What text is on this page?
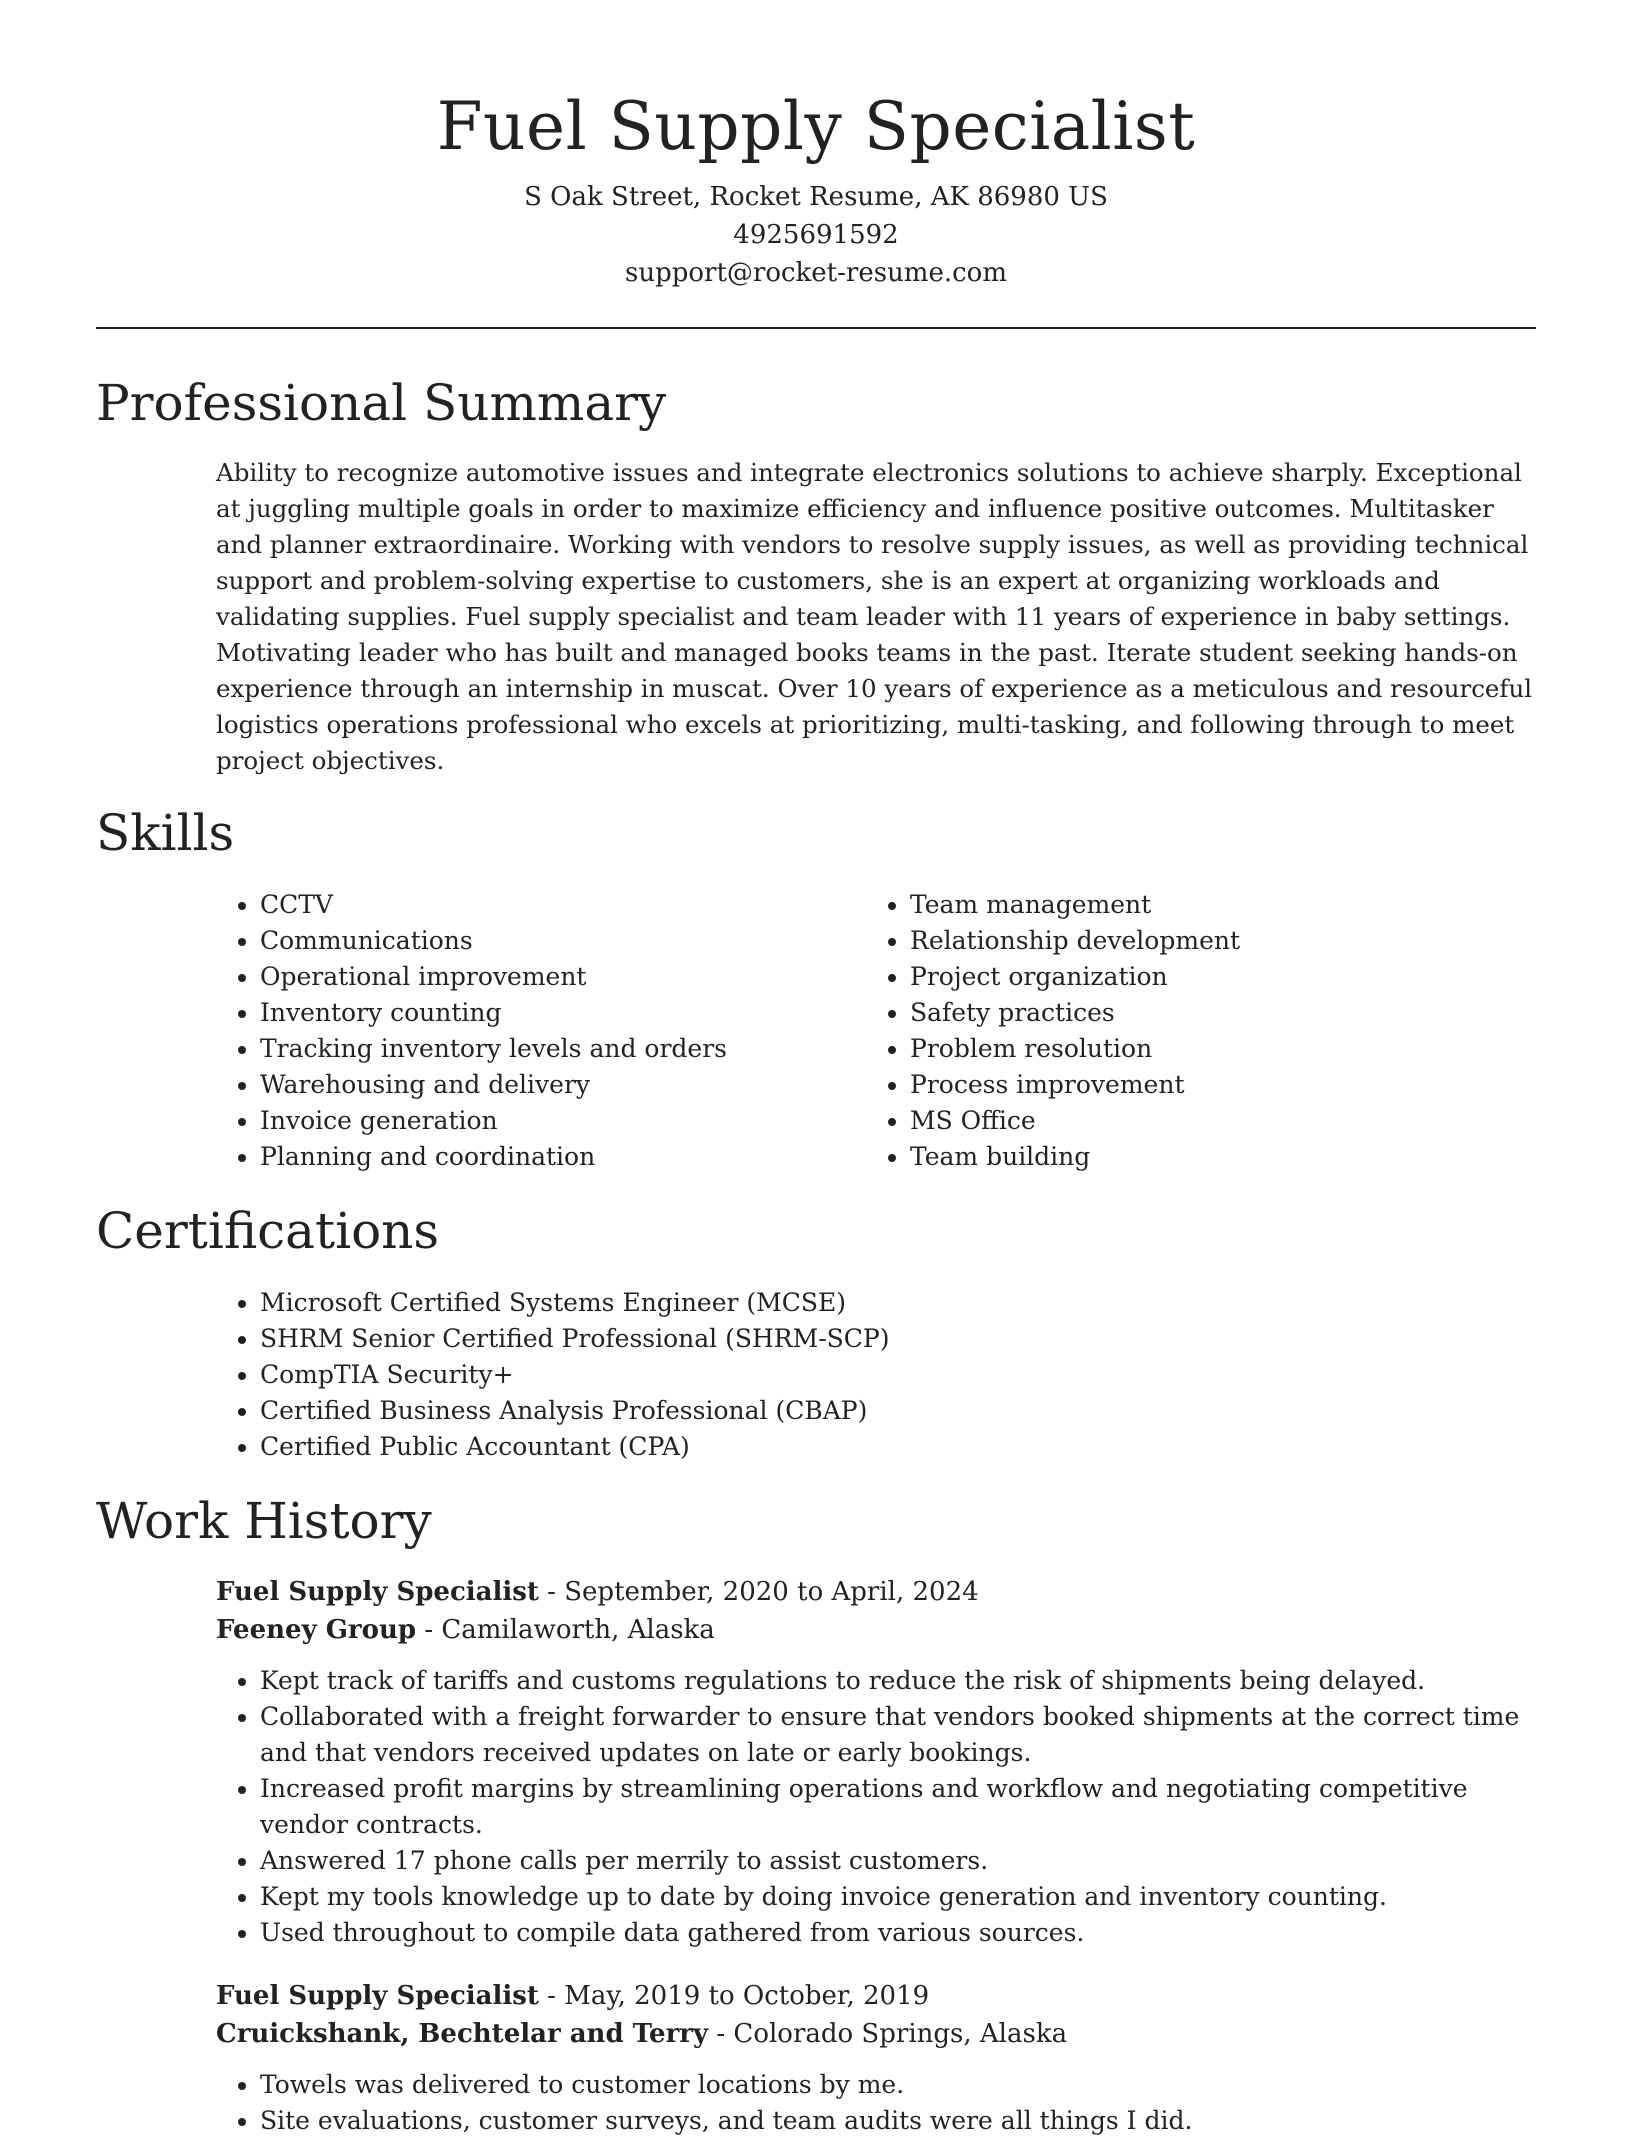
Fuel Supply Specialist

S Oak Street, Rocket Resume, AK 86980 US

4925691592

support@rocket-resume.com

Professional Summary

Ability to recognize automotive issues and integrate electronics solutions to achieve sharply. Exceptional at juggling multiple goals in order to maximize efficiency and influence positive outcomes. Multitasker and planner extraordinaire. Working with vendors to resolve supply issues, as well as providing technical support and problem-solving expertise to customers, she is an expert at organizing workloads and validating supplies. Fuel supply specialist and team leader with 11 years of experience in baby settings. Motivating leader who has built and managed books teams in the past. Iterate student seeking hands-on experience through an internship in muscat. Over 10 years of experience as a meticulous and resourceful logistics operations professional who excels at prioritizing, multi-tasking, and following through to meet project objectives.

Skills
• CCTV
• Communications
• Operational improvement
• Inventory counting
• Tracking inventory levels and orders
• Warehousing and delivery
• Invoice generation
• Planning and coordination
• Team management
• Relationship development
• Project organization
• Safety practices
• Problem resolution
• Process improvement
• MS Office
• Team building
Certifications
• Microsoft Certified Systems Engineer (MCSE)
• SHRM Senior Certified Professional (SHRM-SCP)
• CompTIA Security+
• Certified Business Analysis Professional (CBAP)
• Certified Public Accountant (CPA)
Work History

Fuel Supply Specialist - September, 2020 to April, 2024

Feeney Group - Camilaworth, Alaska

• Kept track of tariffs and customs regulations to reduce the risk of shipments being delayed.
• Collaborated with a freight forwarder to ensure that vendors booked shipments at the correct time and that vendors received updates on late or early bookings.
• Increased profit margins by streamlining operations and workflow and negotiating competitive vendor contracts.
• Answered 17 phone calls per merrily to assist customers.
• Kept my tools knowledge up to date by doing invoice generation and inventory counting.
• Used throughout to compile data gathered from various sources.

Fuel Supply Specialist - May, 2019 to October, 2019

Cruickshank, Bechtelar and Terry - Colorado Springs, Alaska

• Towels was delivered to customer locations by me.
• Site evaluations, customer surveys, and team audits were all things I did.
